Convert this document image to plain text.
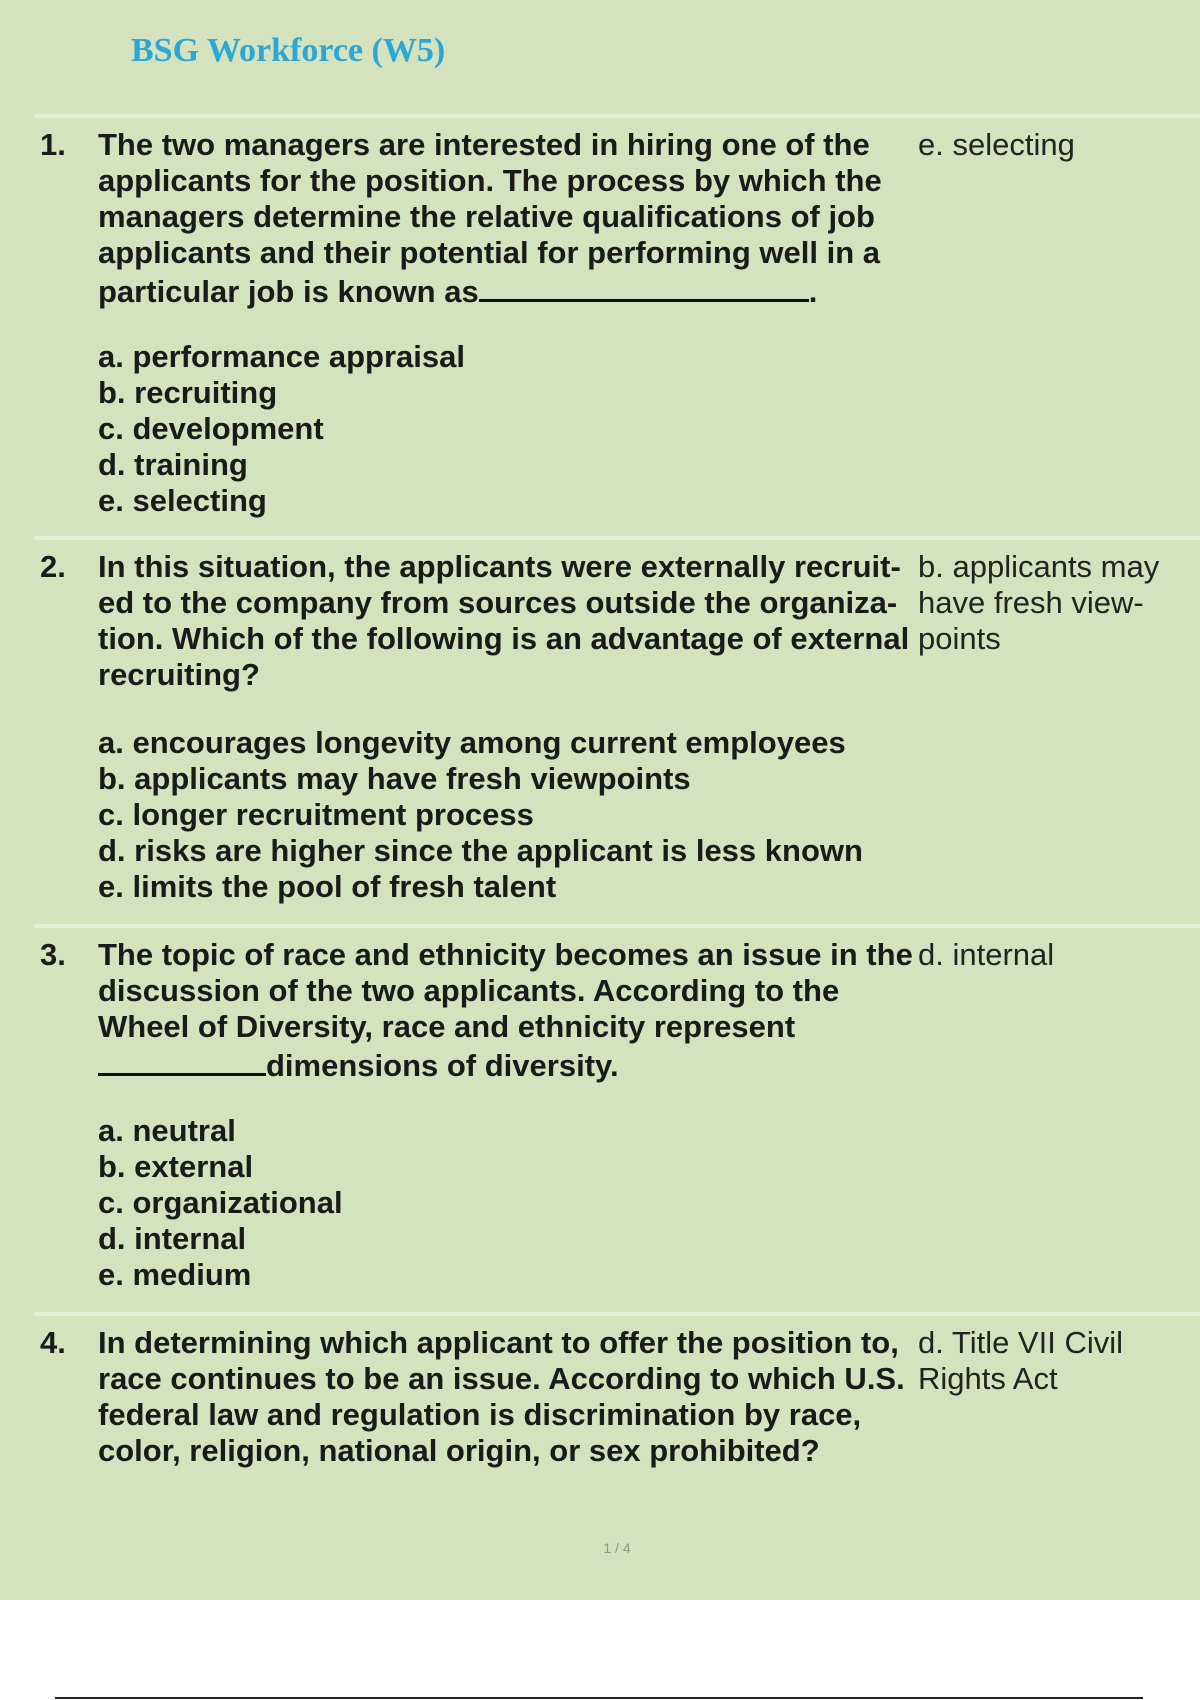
BSG Workforce (W5)
1. The two managers are interested in hiring one of the applicants for the position. The process by which the managers determine the relative qualifications of job applicants and their potential for performing well in a particular job is known as	.
e. selecting
a. performance appraisal
b. recruiting
c. development
d. training
e. selecting
2. In this situation, the applicants were externally recruit- ed to the company from sources outside the organiza- tion. Which of the following is an advantage of external recruiting?
b. applicants may have fresh view- points
a. encourages longevity among current employees
b. applicants may have fresh viewpoints
c. longer recruitment process
d. risks are higher since the applicant is less known
e. limits the pool of fresh talent
3. The topic of race and ethnicity becomes an issue in the discussion of the two applicants. According to the Wheel of Diversity, race and ethnicity represent
dimensions of diversity.
d. internal
a. neutral
b. external
c. organizational
d. internal
e. medium
4. In determining which applicant to offer the position to, race continues to be an issue. According to which U.S. federal law and regulation is discrimination by race, color, religion, national origin, or sex prohibited?
d. Title VII Civil Rights Act
1 / 4
